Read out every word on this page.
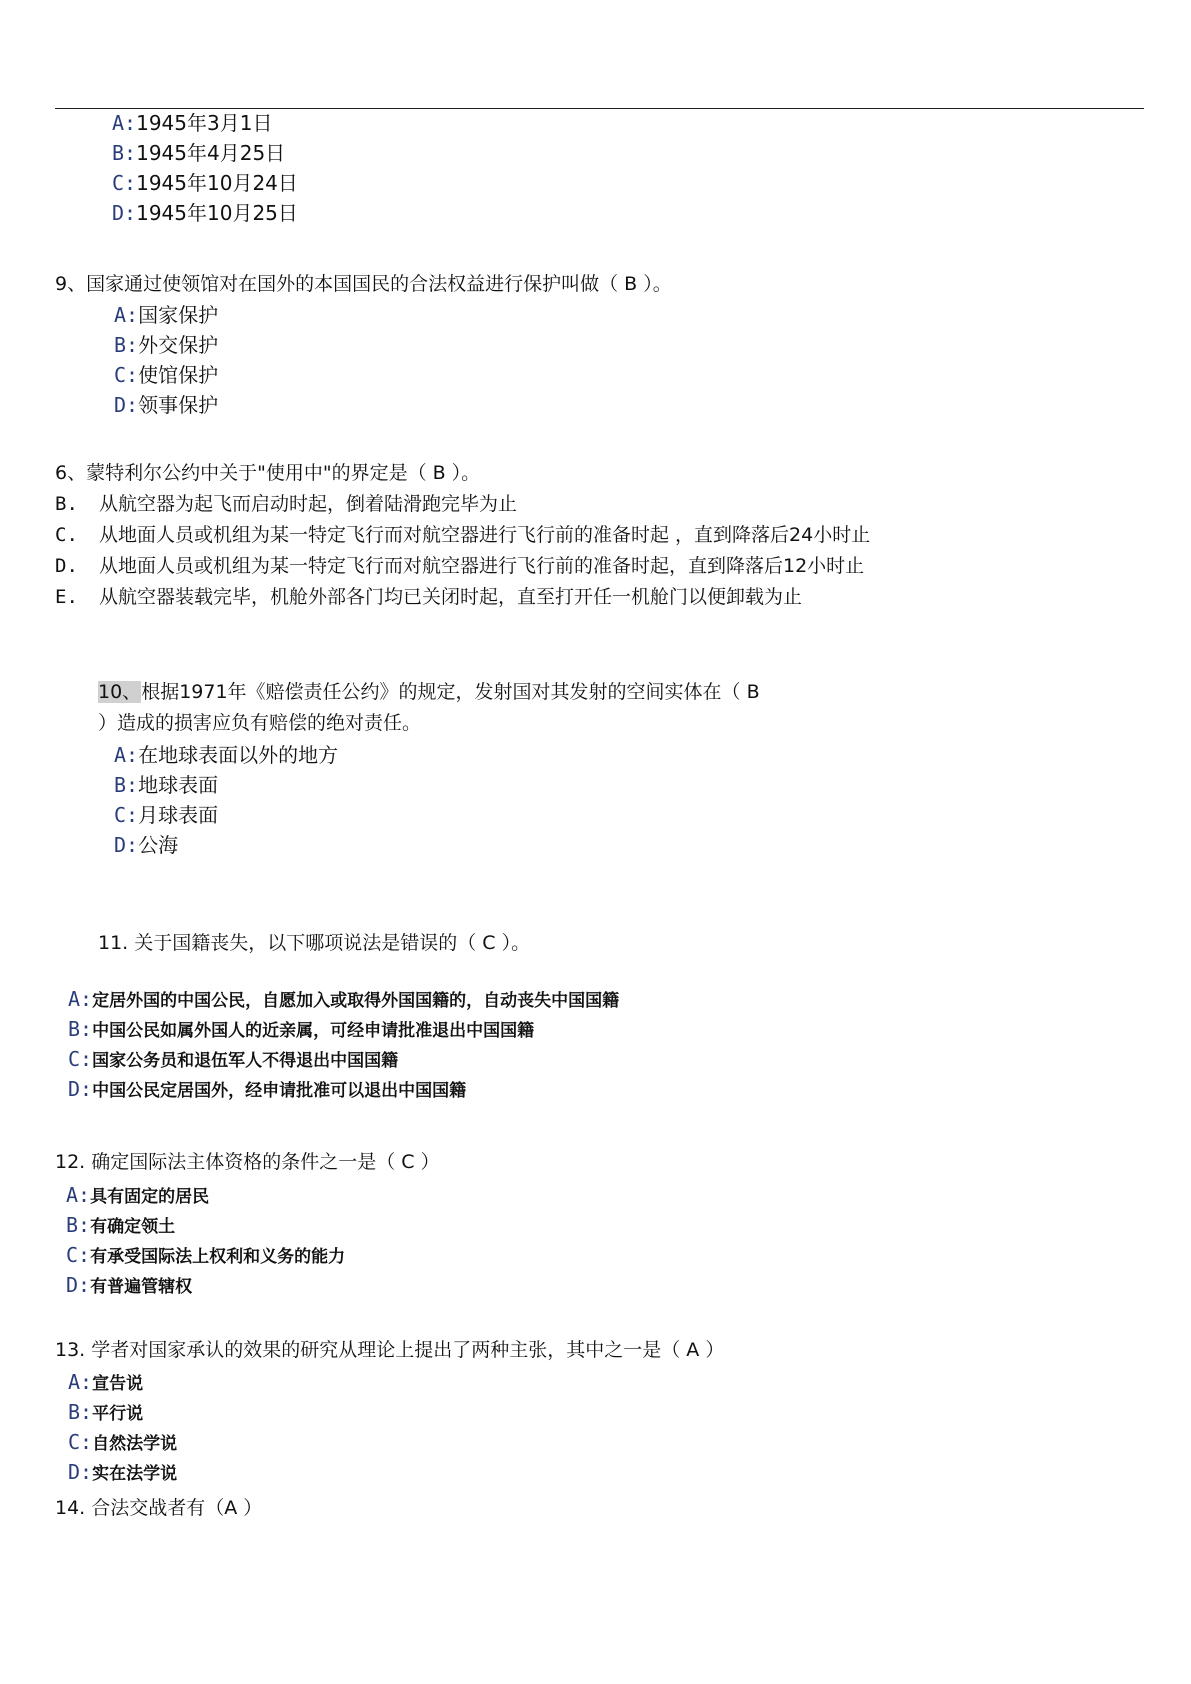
A:1945年3月1日
B:1945年4月25日
C:1945年10月24日
D:1945年10月25日
9、国家通过使领馆对在国外的本国国民的合法权益进行保护叫做（ B ）。
A:国家保护
B:外交保护
C:使馆保护
D:领事保护
6、蒙特利尔公约中关于"使用中"的界定是（ B ）。
B. 从航空器为起飞而启动时起，倒着陆滑跑完毕为止
C. 从地面人员或机组为某一特定飞行而对航空器进行飞行前的准备时起 ，直到降落后24小时止
D. 从地面人员或机组为某一特定飞行而对航空器进行飞行前的准备时起，直到降落后12小时止
E. 从航空器装载完毕，机舱外部各门均已关闭时起，直至打开任一机舱门以便卸载为止
10、根据1971年《赔偿责任公约》的规定，发射国对其发射的空间实体在（ B
）造成的损害应负有赔偿的绝对责任。
A:在地球表面以外的地方
B:地球表面
C:月球表面
D:公海
11. 关于国籍丧失，以下哪项说法是错误的（ C ）。
A:定居外国的中国公民，自愿加入或取得外国国籍的，自动丧失中国国籍
B:中国公民如属外国人的近亲属，可经申请批准退出中国国籍
C:国家公务员和退伍军人不得退出中国国籍
D:中国公民定居国外，经申请批准可以退出中国国籍
12. 确定国际法主体资格的条件之一是（ C ）
A:具有固定的居民
B:有确定领土
C:有承受国际法上权利和义务的能力
D:有普遍管辖权
13. 学者对国家承认的效果的研究从理论上提出了两种主张，其中之一是（ A ）
A:宣告说
B:平行说
C:自然法学说
D:实在法学说
14. 合法交战者有（A ）
